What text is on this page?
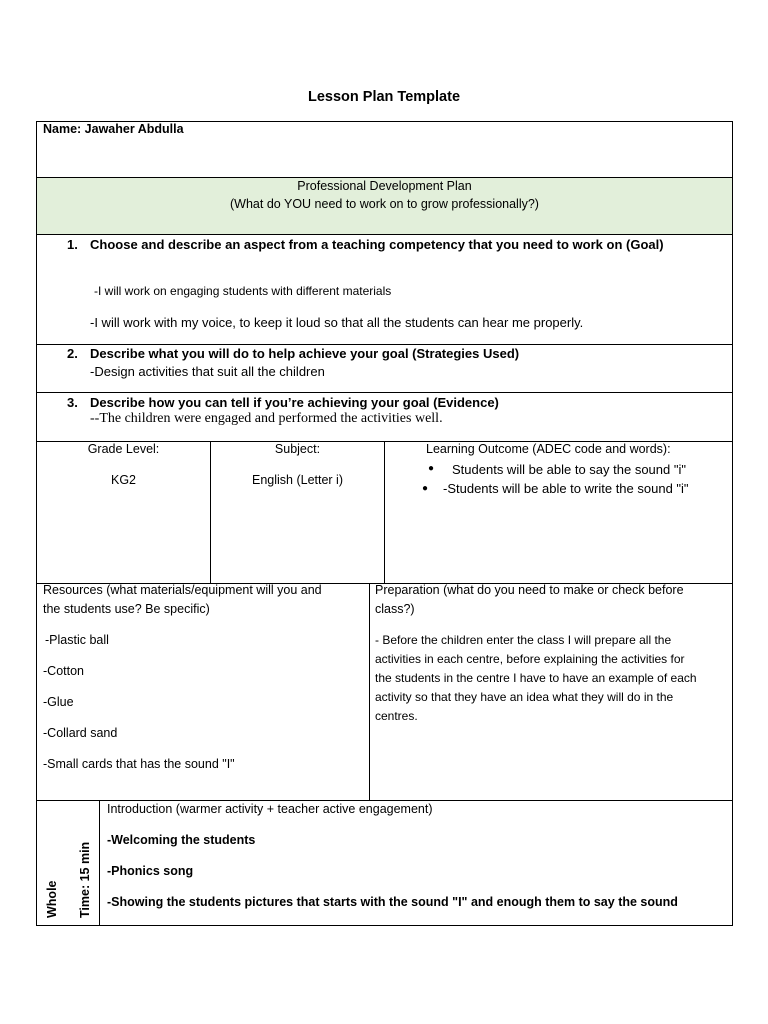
Lesson Plan Template
Name: Jawaher Abdulla
Professional Development Plan
(What do YOU need to work on to grow professionally?)
1. Choose and describe an aspect from a teaching competency that you need to work on (Goal)
-I will work on engaging students with different materials
-I will work with my voice, to keep it loud so that all the students can hear me properly.
2. Describe what you will do to help achieve your goal (Strategies Used)
-Design activities that suit all the children
3. Describe how you can tell if you’re achieving your goal (Evidence)
--The children were engaged and performed the activities well.
Grade Level:
KG2
Subject:
English (Letter i)
Learning Outcome (ADEC code and words):
● Students will be able to say the sound "i"
● -Students will be able to write the sound "i"
Resources (what materials/equipment will you and
the students use? Be specific)
-Plastic ball
-Cotton
-Glue
-Collard sand
-Small cards that has the sound "I"
Preparation (what do you need to make or check before
class?)
- Before the children enter the class I will prepare all the
activities in each centre, before explaining the activities for
the students in the centre I have to have an example of each
activity so that they have an idea what they will do in the
centres.
Whole Time: 15 min
Introduction (warmer activity + teacher active engagement)
-Welcoming the students
-Phonics song
-Showing the students pictures that starts with the sound "I" and enough them to say the sound
